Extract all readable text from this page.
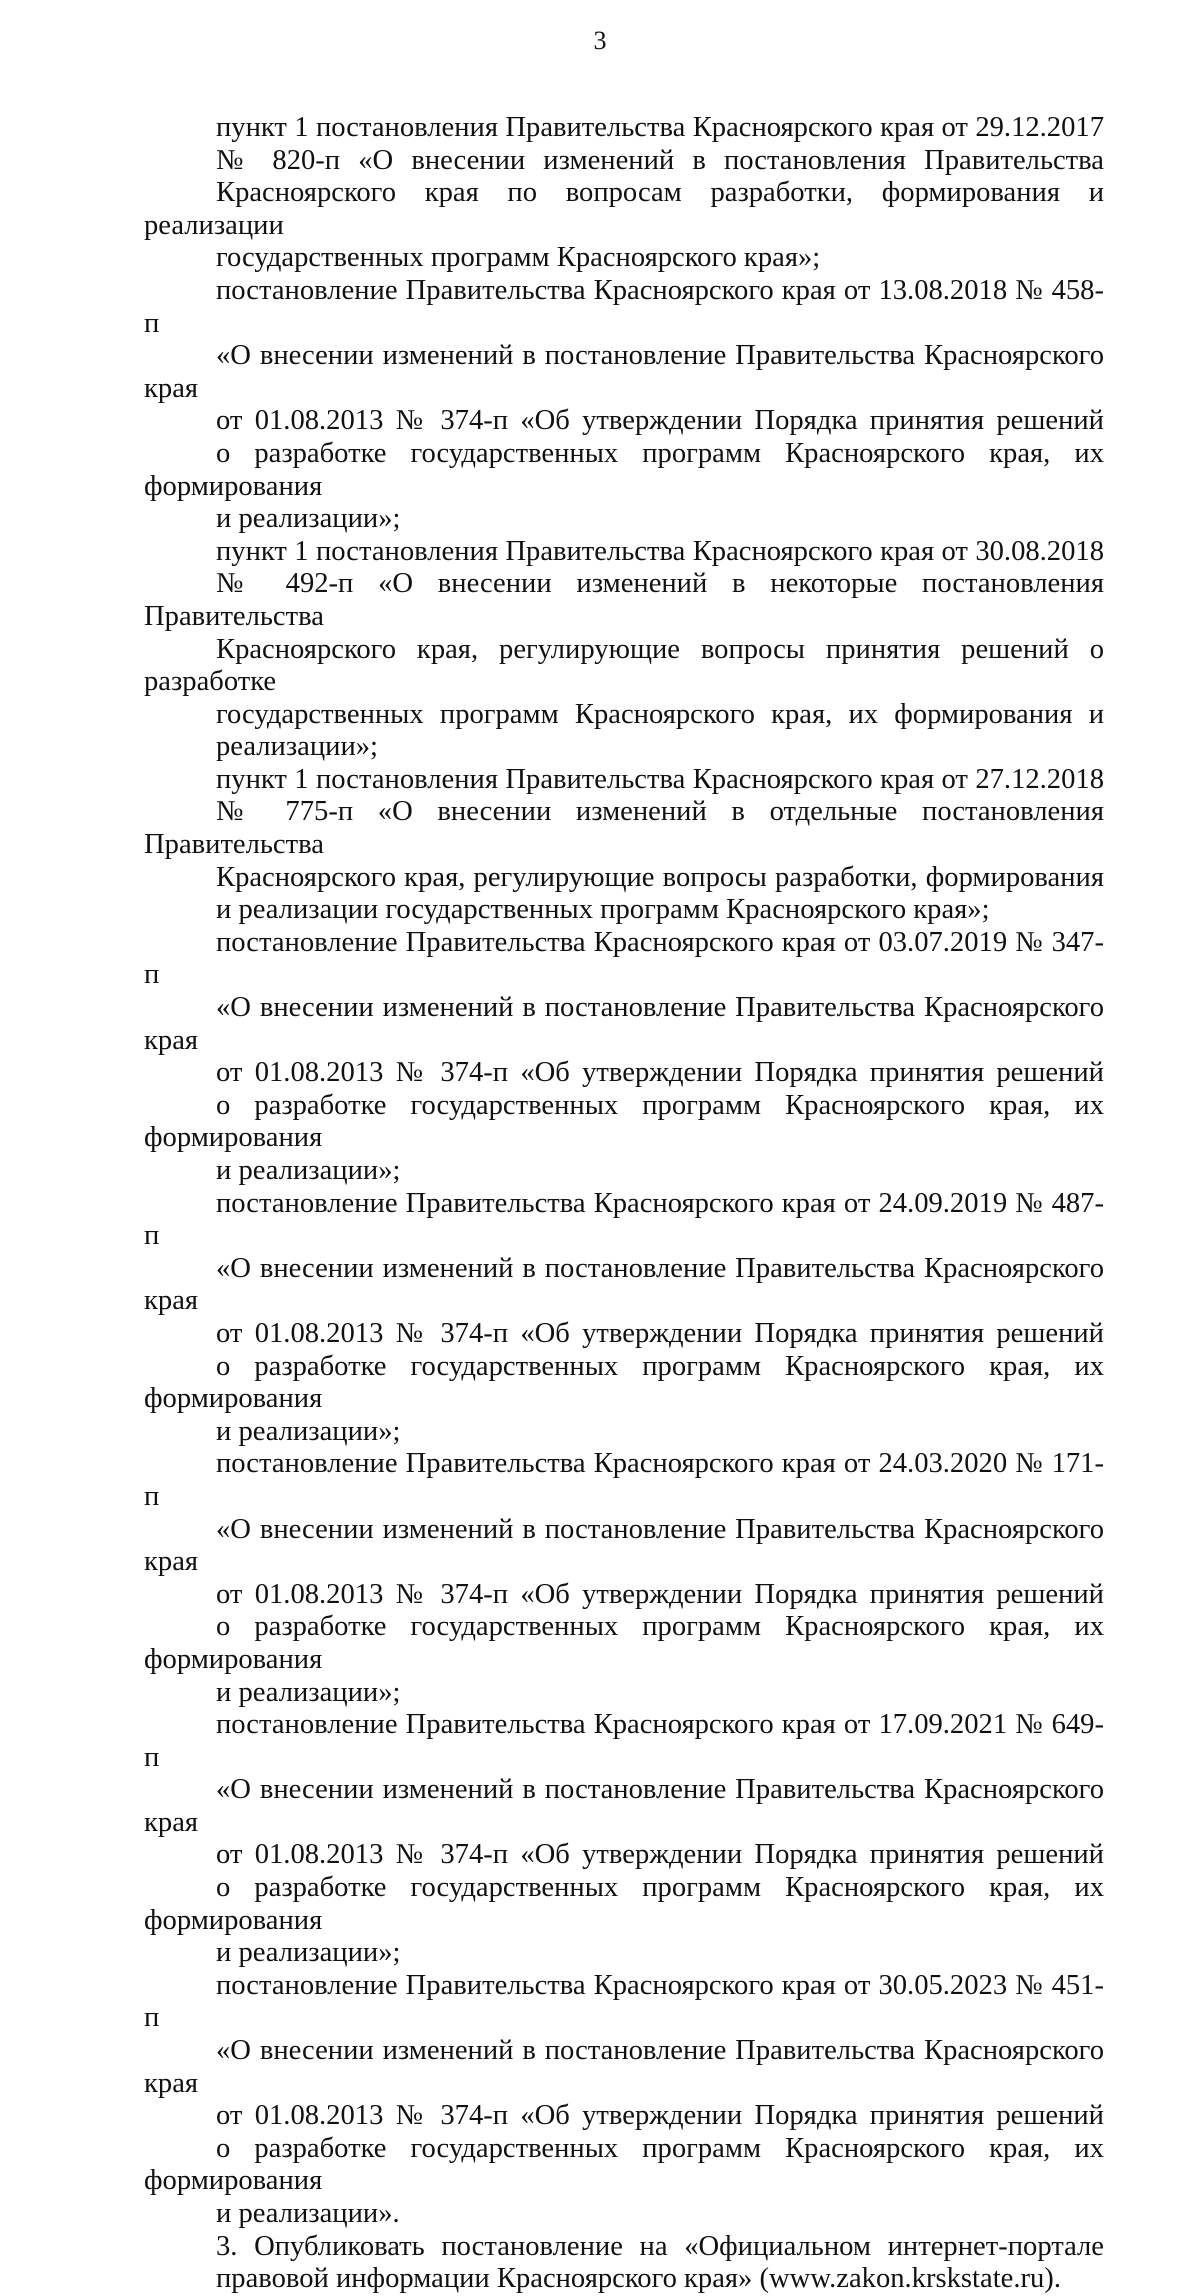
3

пункт 1 постановления Правительства Красноярского края от 29.12.2017
№ 820-п «О внесении изменений в постановления Правительства
Красноярского края по вопросам разработки, формирования и реализации
государственных программ Красноярского края»;

постановление Правительства Красноярского края от 13.08.2018 № 458-п
«О внесении изменений в постановление Правительства Красноярского края
от 01.08.2013 № 374-п «Об утверждении Порядка принятия решений
о разработке государственных программ Красноярского края, их формирования
и реализации»;

пункт 1 постановления Правительства Красноярского края от 30.08.2018
№ 492-п «О внесении изменений в некоторые постановления Правительства
Красноярского края, регулирующие вопросы принятия решений о разработке
государственных программ Красноярского края, их формирования и
реализации»;

пункт 1 постановления Правительства Красноярского края от 27.12.2018
№ 775-п «О внесении изменений в отдельные постановления Правительства
Красноярского края, регулирующие вопросы разработки, формирования
и реализации государственных программ Красноярского края»;

постановление Правительства Красноярского края от 03.07.2019 № 347-п
«О внесении изменений в постановление Правительства Красноярского края
от 01.08.2013 № 374-п «Об утверждении Порядка принятия решений
о разработке государственных программ Красноярского края, их формирования
и реализации»;

постановление Правительства Красноярского края от 24.09.2019 № 487-п
«О внесении изменений в постановление Правительства Красноярского края
от 01.08.2013 № 374-п «Об утверждении Порядка принятия решений
о разработке государственных программ Красноярского края, их формирования
и реализации»;

постановление Правительства Красноярского края от 24.03.2020 № 171-п
«О внесении изменений в постановление Правительства Красноярского края
от 01.08.2013 № 374-п «Об утверждении Порядка принятия решений
о разработке государственных программ Красноярского края, их формирования
и реализации»;

постановление Правительства Красноярского края от 17.09.2021 № 649-п
«О внесении изменений в постановление Правительства Красноярского края
от 01.08.2013 № 374-п «Об утверждении Порядка принятия решений
о разработке государственных программ Красноярского края, их формирования
и реализации»;

постановление Правительства Красноярского края от 30.05.2023 № 451-п
«О внесении изменений в постановление Правительства Красноярского края
от 01.08.2013 № 374-п «Об утверждении Порядка принятия решений
о разработке государственных программ Красноярского края, их формирования
и реализации».

3. Опубликовать постановление на «Официальном интернет-портале
правовой информации Красноярского края» (www.zakon.krskstate.ru).
